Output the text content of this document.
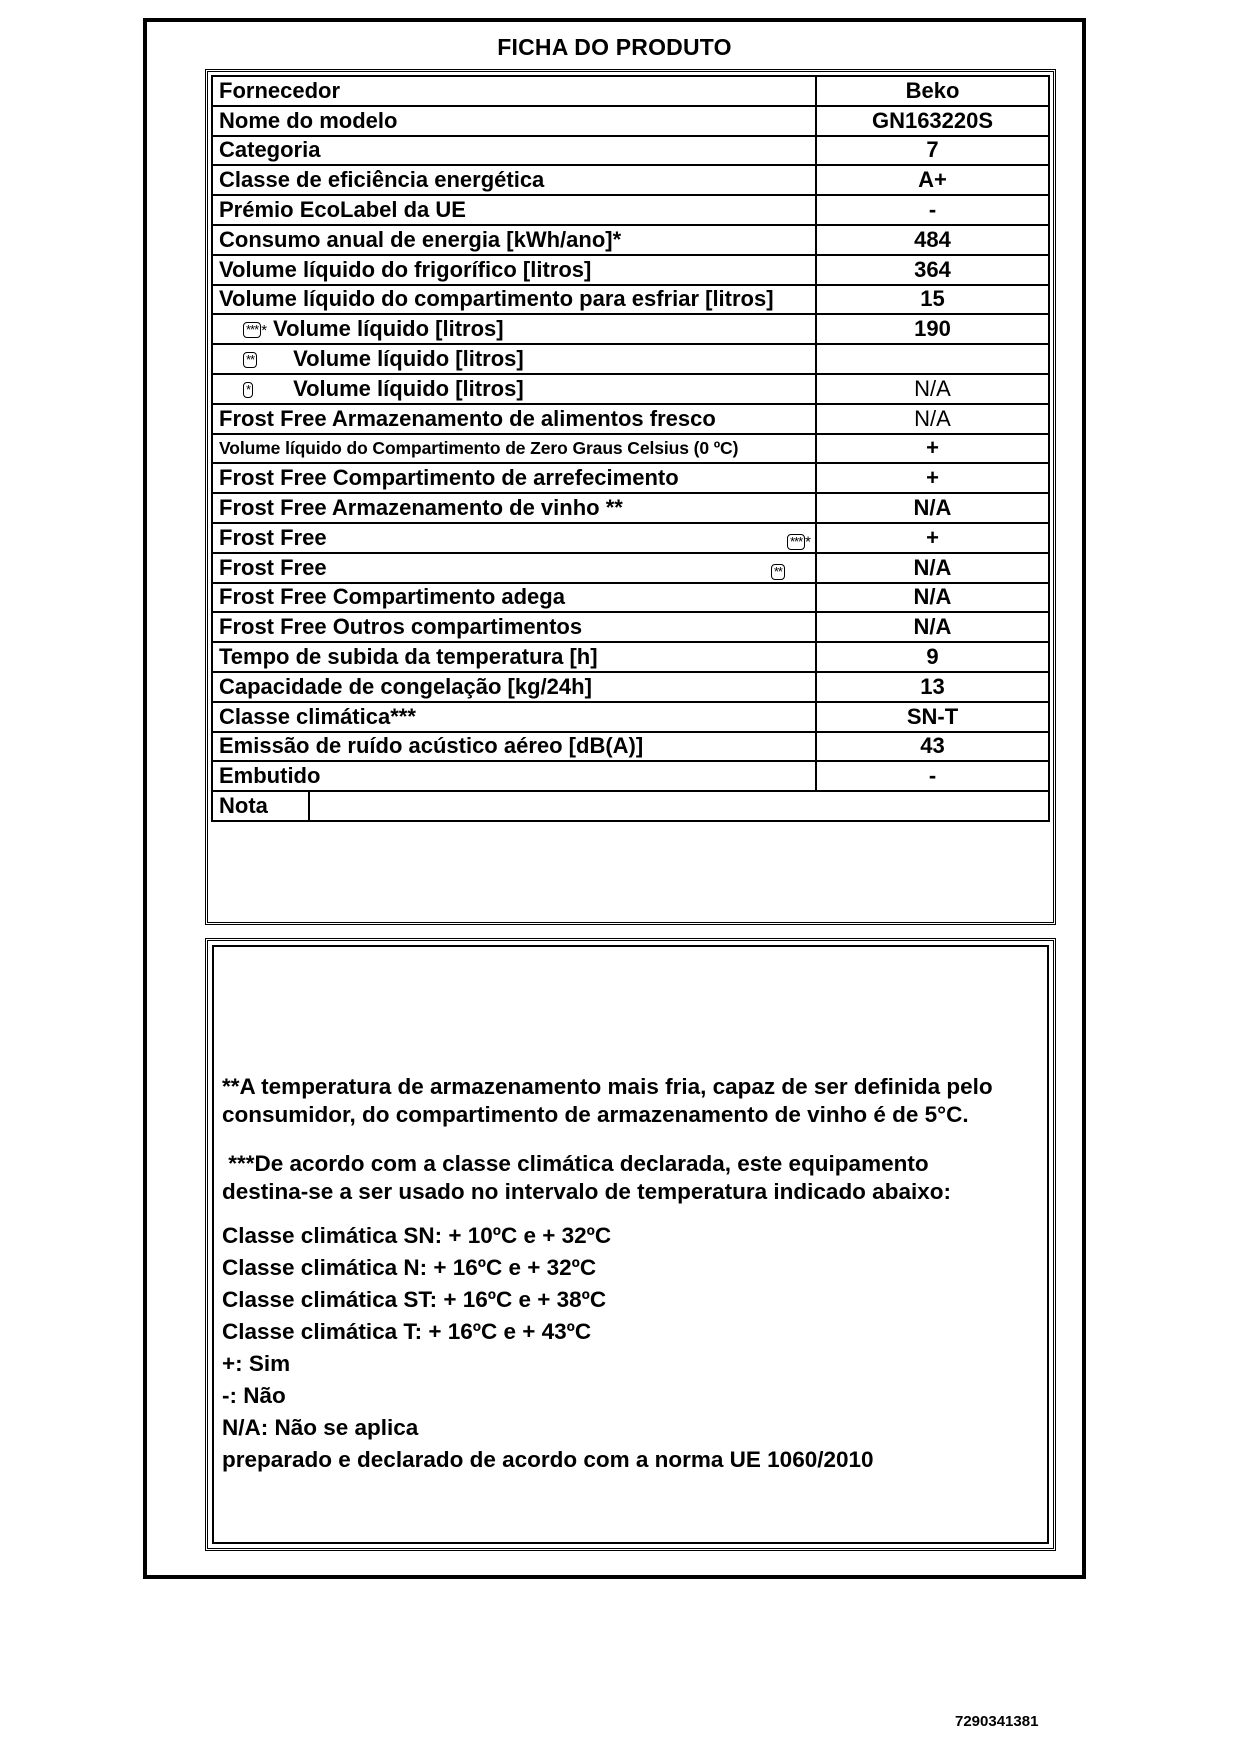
FICHA DO PRODUTO
Fornecedor	Beko
Nome do modelo	GN163220S
Categoria	7
Classe de eficiência energética	A+
Prémio EcoLabel da UE	-
Consumo anual de energia [kWh/ano]*	484
Volume líquido do frigorífico [litros]	364
Volume líquido do compartimento para esfriar [litros]	15
*** * Volume líquido [litros]	190
** Volume líquido [litros]	
* Volume líquido [litros]	N/A
Frost Free Armazenamento de alimentos fresco	N/A
Volume líquido do Compartimento de Zero Graus Celsius (0 ºC)	+
Frost Free Compartimento de arrefecimento	+
Frost Free Armazenamento de vinho **	N/A
Frost Free *** *	+
Frost Free **	N/A
Frost Free Compartimento adega	N/A
Frost Free Outros compartimentos	N/A
Tempo de subida da temperatura [h]	9
Capacidade de congelação [kg/24h]	13
Classe climática***	SN-T
Emissão de ruído acústico aéreo [dB(A)]	43
Embutido	-

Nota	

**A temperatura de armazenamento mais fria, capaz de ser definida pelo

consumidor, do compartimento de armazenamento de vinho é de 5°C.

***De acordo com a classe climática declarada, este equipamento

destina-se a ser usado no intervalo de temperatura indicado abaixo:

Classe climática SN: + 10ºC e + 32ºC

Classe climática N: + 16ºC e + 32ºC

Classe climática ST: + 16ºC e + 38ºC

Classe climática T: + 16ºC e + 43ºC

+: Sim

-: Não

N/A: Não se aplica

preparado e declarado de acordo com a norma UE 1060/2010

7290341381
